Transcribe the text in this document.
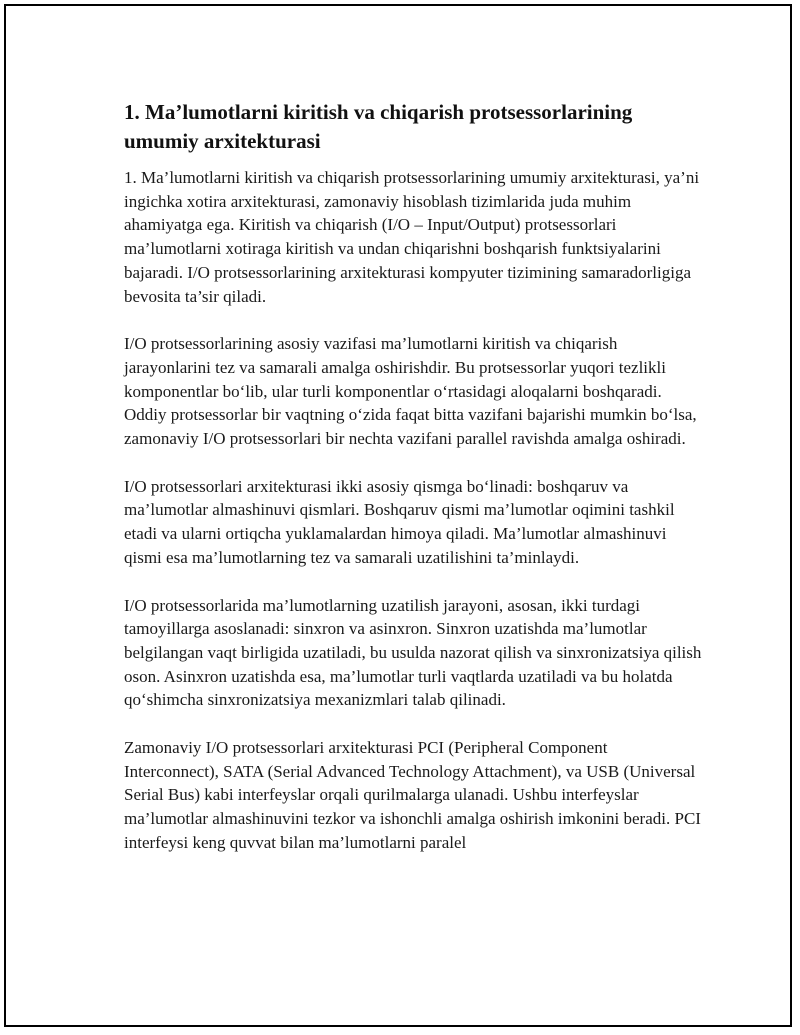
1. Ma’lumotlarni kiritish va chiqarish protsessorlarining umumiy arxitekturasi

1. Ma’lumotlarni kiritish va chiqarish protsessorlarining umumiy arxitekturasi, ya’ni ingichka xotira arxitekturasi, zamonaviy hisoblash tizimlarida juda muhim ahamiyatga ega. Kiritish va chiqarish (I/O – Input/Output) protsessorlari ma’lumotlarni xotiraga kiritish va undan chiqarishni boshqarish funktsiyalarini bajaradi. I/O protsessorlarining arxitekturasi kompyuter tizimining samaradorligiga bevosita ta’sir qiladi.

I/O protsessorlarining asosiy vazifasi ma’lumotlarni kiritish va chiqarish jarayonlarini tez va samarali amalga oshirishdir. Bu protsessorlar yuqori tezlikli komponentlar bo‘lib, ular turli komponentlar o‘rtasidagi aloqalarni boshqaradi. Oddiy protsessorlar bir vaqtning o‘zida faqat bitta vazifani bajarishi mumkin bo‘lsa, zamonaviy I/O protsessorlari bir nechta vazifani parallel ravishda amalga oshiradi.

I/O protsessorlari arxitekturasi ikki asosiy qismga bo‘linadi: boshqaruv va ma’lumotlar almashinuvi qismlari. Boshqaruv qismi ma’lumotlar oqimini tashkil etadi va ularni ortiqcha yuklamalardan himoya qiladi. Ma’lumotlar almashinuvi qismi esa ma’lumotlarning tez va samarali uzatilishini ta’minlaydi.

I/O protsessorlarida ma’lumotlarning uzatilish jarayoni, asosan, ikki turdagi tamoyillarga asoslanadi: sinxron va asinxron. Sinxron uzatishda ma’lumotlar belgilangan vaqt birligida uzatiladi, bu usulda nazorat qilish va sinxronizatsiya qilish oson. Asinxron uzatishda esa, ma’lumotlar turli vaqtlarda uzatiladi va bu holatda qo‘shimcha sinxronizatsiya mexanizmlari talab qilinadi.

Zamonaviy I/O protsessorlari arxitekturasi PCI (Peripheral Component Interconnect), SATA (Serial Advanced Technology Attachment), va USB (Universal Serial Bus) kabi interfeyslar orqali qurilmalarga ulanadi. Ushbu interfeyslar ma’lumotlar almashinuvini tezkor va ishonchli amalga oshirish imkonini beradi. PCI interfeysi keng quvvat bilan ma’lumotlarni paralel
